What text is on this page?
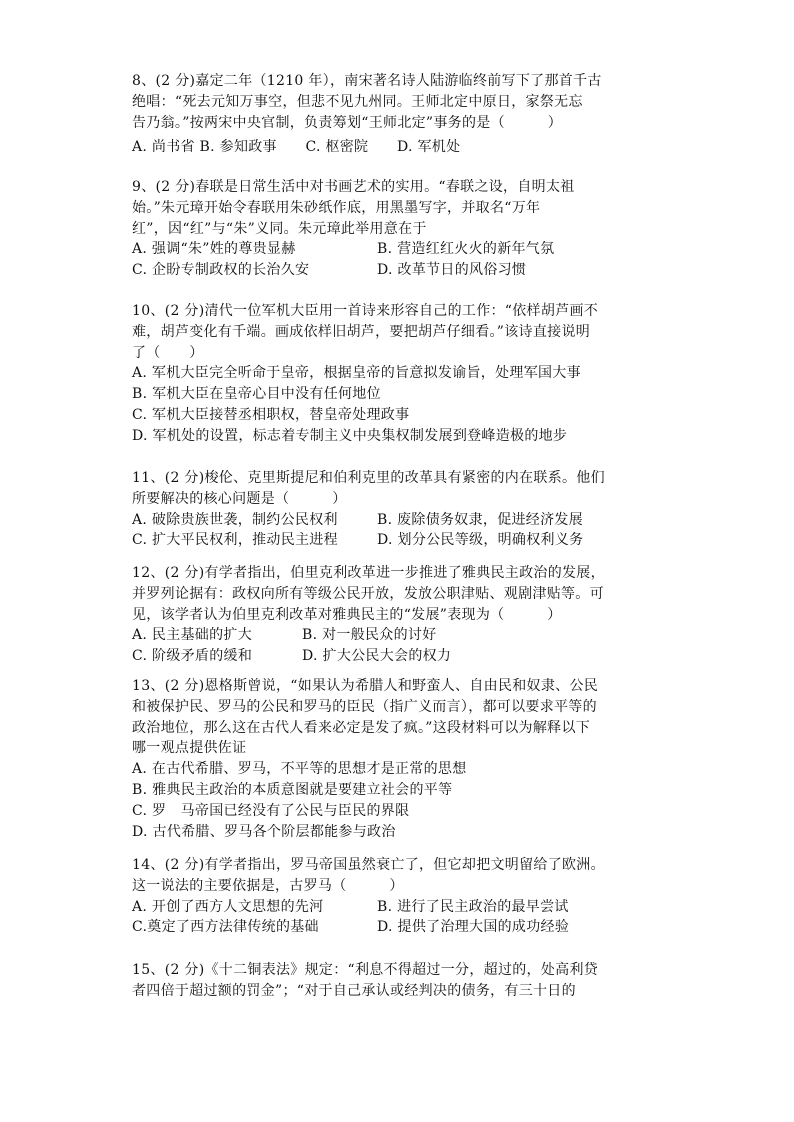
8、(2 分)嘉定二年（1210 年），南宋著名诗人陆游临终前写下了那首千古
绝唱：“死去元知万事空，但悲不见九州同。王师北定中原日，家祭无忘
告乃翁。”按两宋中央官制，负责筹划“王师北定”事务的是（　　　）
A. 尚书省 B. 参知政事　　C. 枢密院　　D. 军机处
9、(2 分)春联是日常生活中对书画艺术的实用。“春联之设，自明太祖
始。”朱元璋开始令春联用朱砂纸作底，用黑墨写字，并取名“万年
红”，因“红”与“朱”义同。朱元璋此举用意在于
A. 强调“朱”姓的尊贵显赫	B. 营造红红火火的新年气氛
C. 企盼专制政权的长治久安	D. 改革节日的风俗习惯
10、(2 分)清代一位军机大臣用一首诗来形容自己的工作：“依样胡芦画不
难，胡芦变化有千端。画成依样旧胡芦，要把胡芦仔细看。”该诗直接说明
了（　　）
A. 军机大臣完全听命于皇帝，根据皇帝的旨意拟发谕旨，处理军国大事
B. 军机大臣在皇帝心目中没有任何地位
C. 军机大臣接替丞相职权，替皇帝处理政事
D. 军机处的设置，标志着专制主义中央集权制发展到登峰造极的地步
11、(2 分)梭伦、克里斯提尼和伯利克里的改革具有紧密的内在联系。他们
所要解决的核心问题是（　　　）
A. 破除贵族世袭，制约公民权利	B. 废除债务奴隶，促进经济发展
C. 扩大平民权利，推动民主进程	D. 划分公民等级，明确权利义务
12、(2 分)有学者指出，伯里克利改革进一步推进了雅典民主政治的发展，
并罗列论据有：政权向所有等级公民开放，发放公职津贴、观剧津贴等。可
见，该学者认为伯里克利改革对雅典民主的“发展”表现为（　　　）
A. 民主基础的扩大	B. 对一般民众的讨好
C. 阶级矛盾的缓和	D. 扩大公民大会的权力
13、(2 分)恩格斯曾说，“如果认为希腊人和野蛮人、自由民和奴隶、公民
和被保护民、罗马的公民和罗马的臣民（指广义而言），都可以要求平等的
政治地位，那么这在古代人看来必定是发了疯。”这段材料可以为解释以下
哪一观点提供佐证
A. 在古代希腊、罗马，不平等的思想才是正常的思想
B. 雅典民主政治的本质意图就是要建立社会的平等
C. 罗　马帝国已经没有了公民与臣民的界限
D. 古代希腊、罗马各个阶层都能参与政治
14、(2 分)有学者指出，罗马帝国虽然衰亡了，但它却把文明留给了欧洲。
这一说法的主要依据是，古罗马（　　　）
A. 开创了西方人文思想的先河	B. 进行了民主政治的最早尝试
C.奠定了西方法律传统的基础	D. 提供了治理大国的成功经验
15、(2 分)《十二铜表法》规定：“利息不得超过一分，超过的，处高利贷
者四倍于超过额的罚金”；“对于自己承认或经判决的债务，有三十日的
